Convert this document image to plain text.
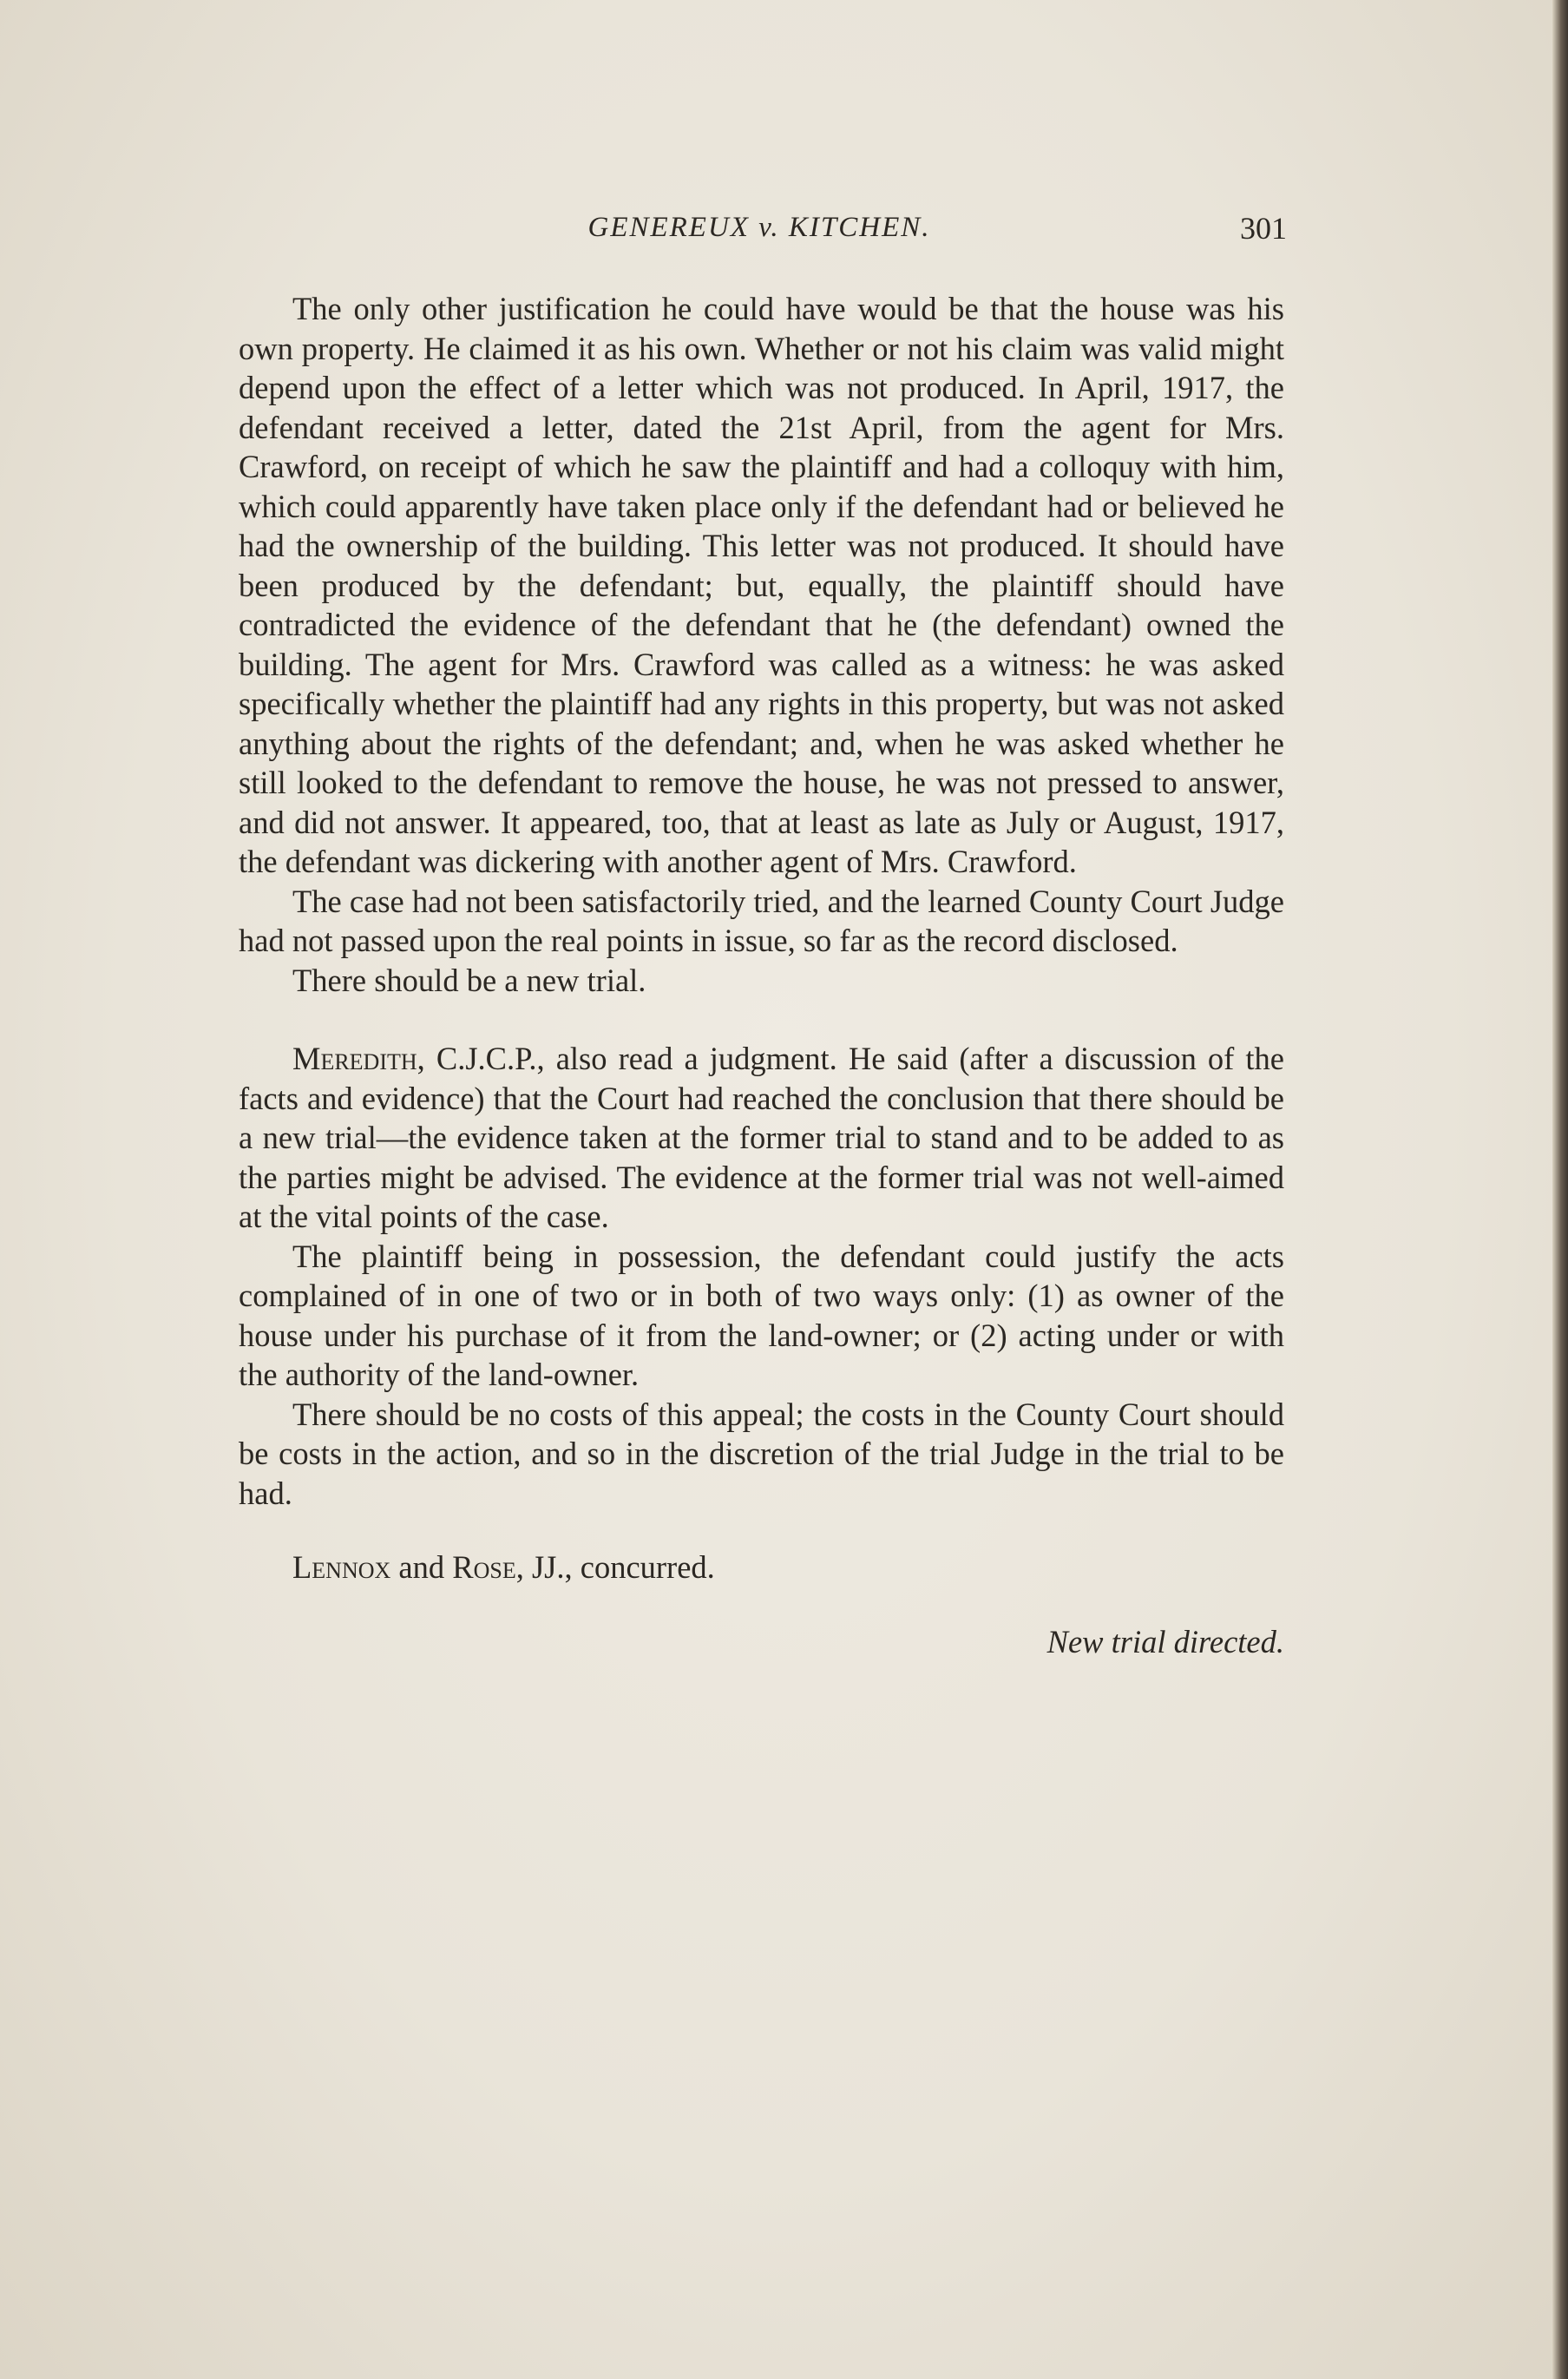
GENEREUX v. KITCHEN.	301

The only other justification he could have would be that the house was his own property. He claimed it as his own. Whether or not his claim was valid might depend upon the effect of a letter which was not produced. In April, 1917, the defendant received a letter, dated the 21st April, from the agent for Mrs. Crawford, on receipt of which he saw the plaintiff and had a colloquy with him, which could apparently have taken place only if the defendant had or believed he had the ownership of the building. This letter was not produced. It should have been produced by the defendant; but, equally, the plaintiff should have contradicted the evidence of the defendant that he (the defendant) owned the building. The agent for Mrs. Crawford was called as a witness: he was asked specifically whether the plaintiff had any rights in this property, but was not asked anything about the rights of the defendant; and, when he was asked whether he still looked to the defendant to remove the house, he was not pressed to answer, and did not answer. It appeared, too, that at least as late as July or August, 1917, the defendant was dickering with another agent of Mrs. Crawford.

The case had not been satisfactorily tried, and the learned County Court Judge had not passed upon the real points in issue, so far as the record disclosed.

There should be a new trial.

Meredith, C.J.C.P., also read a judgment. He said (after a discussion of the facts and evidence) that the Court had reached the conclusion that there should be a new trial—the evidence taken at the former trial to stand and to be added to as the parties might be advised. The evidence at the former trial was not well-aimed at the vital points of the case.

The plaintiff being in possession, the defendant could justify the acts complained of in one of two or in both of two ways only: (1) as owner of the house under his purchase of it from the land-owner; or (2) acting under or with the authority of the land-owner.

There should be no costs of this appeal; the costs in the County Court should be costs in the action, and so in the discretion of the trial Judge in the trial to be had.

Lennox and Rose, JJ., concurred.

New trial directed.
